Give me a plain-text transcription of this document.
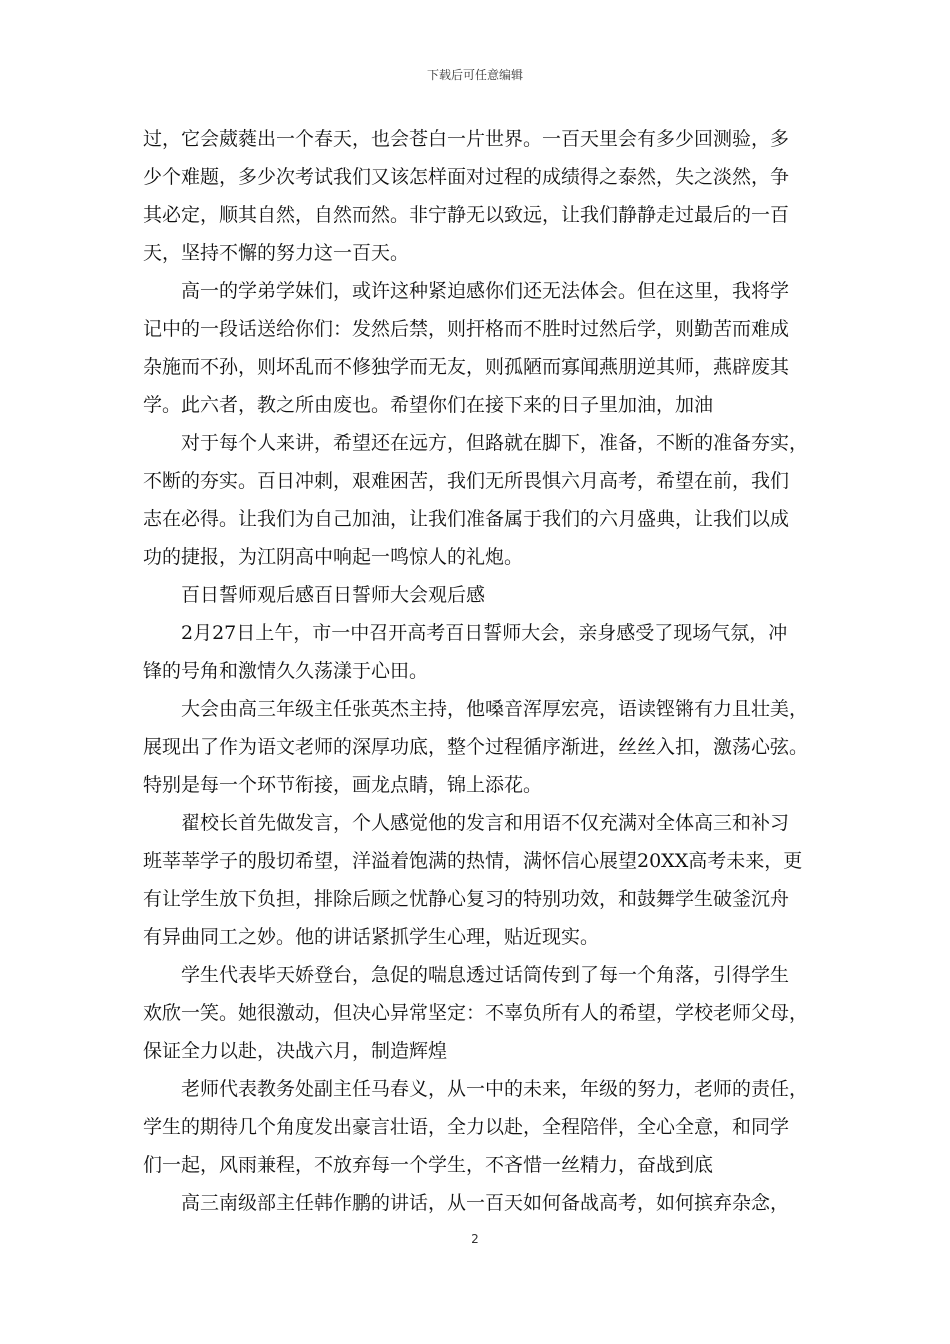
下载后可任意编辑
过，它会葳蕤出一个春天，也会苍白一片世界。一百天里会有多少回测验，多
少个难题，多少次考试我们又该怎样面对过程的成绩得之泰然，失之淡然，争
其必定，顺其自然，自然而然。非宁静无以致远，让我们静静走过最后的一百
天，坚持不懈的努力这一百天。
高一的学弟学妹们，或许这种紧迫感你们还无法体会。但在这里，我将学
记中的一段话送给你们：发然后禁，则扞格而不胜时过然后学，则勤苦而难成
杂施而不孙，则坏乱而不修独学而无友，则孤陋而寡闻燕朋逆其师，燕辟废其
学。此六者，教之所由废也。希望你们在接下来的日子里加油，加油
对于每个人来讲，希望还在远方，但路就在脚下，准备，不断的准备夯实，
不断的夯实。百日冲刺，艰难困苦，我们无所畏惧六月高考，希望在前，我们
志在必得。让我们为自己加油，让我们准备属于我们的六月盛典，让我们以成
功的捷报，为江阴高中响起一鸣惊人的礼炮。
百日誓师观后感百日誓师大会观后感
2月27日上午，市一中召开高考百日誓师大会，亲身感受了现场气氛，冲
锋的号角和激情久久荡漾于心田。
大会由高三年级主任张英杰主持，他嗓音浑厚宏亮，语读铿锵有力且壮美，
展现出了作为语文老师的深厚功底，整个过程循序渐进，丝丝入扣，激荡心弦。
特别是每一个环节衔接，画龙点睛，锦上添花。
翟校长首先做发言，个人感觉他的发言和用语不仅充满对全体高三和补习
班莘莘学子的殷切希望，洋溢着饱满的热情，满怀信心展望20XX高考未来，更
有让学生放下负担，排除后顾之忧静心复习的特别功效，和鼓舞学生破釜沉舟
有异曲同工之妙。他的讲话紧抓学生心理，贴近现实。
学生代表毕天娇登台，急促的喘息透过话筒传到了每一个角落，引得学生
欢欣一笑。她很激动，但决心异常坚定：不辜负所有人的希望，学校老师父母，
保证全力以赴，决战六月，制造辉煌
老师代表教务处副主任马春义，从一中的未来，年级的努力，老师的责任，
学生的期待几个角度发出豪言壮语，全力以赴，全程陪伴，全心全意，和同学
们一起，风雨兼程，不放弃每一个学生，不吝惜一丝精力，奋战到底
高三南级部主任韩作鹏的讲话，从一百天如何备战高考，如何摈弃杂念，
2
